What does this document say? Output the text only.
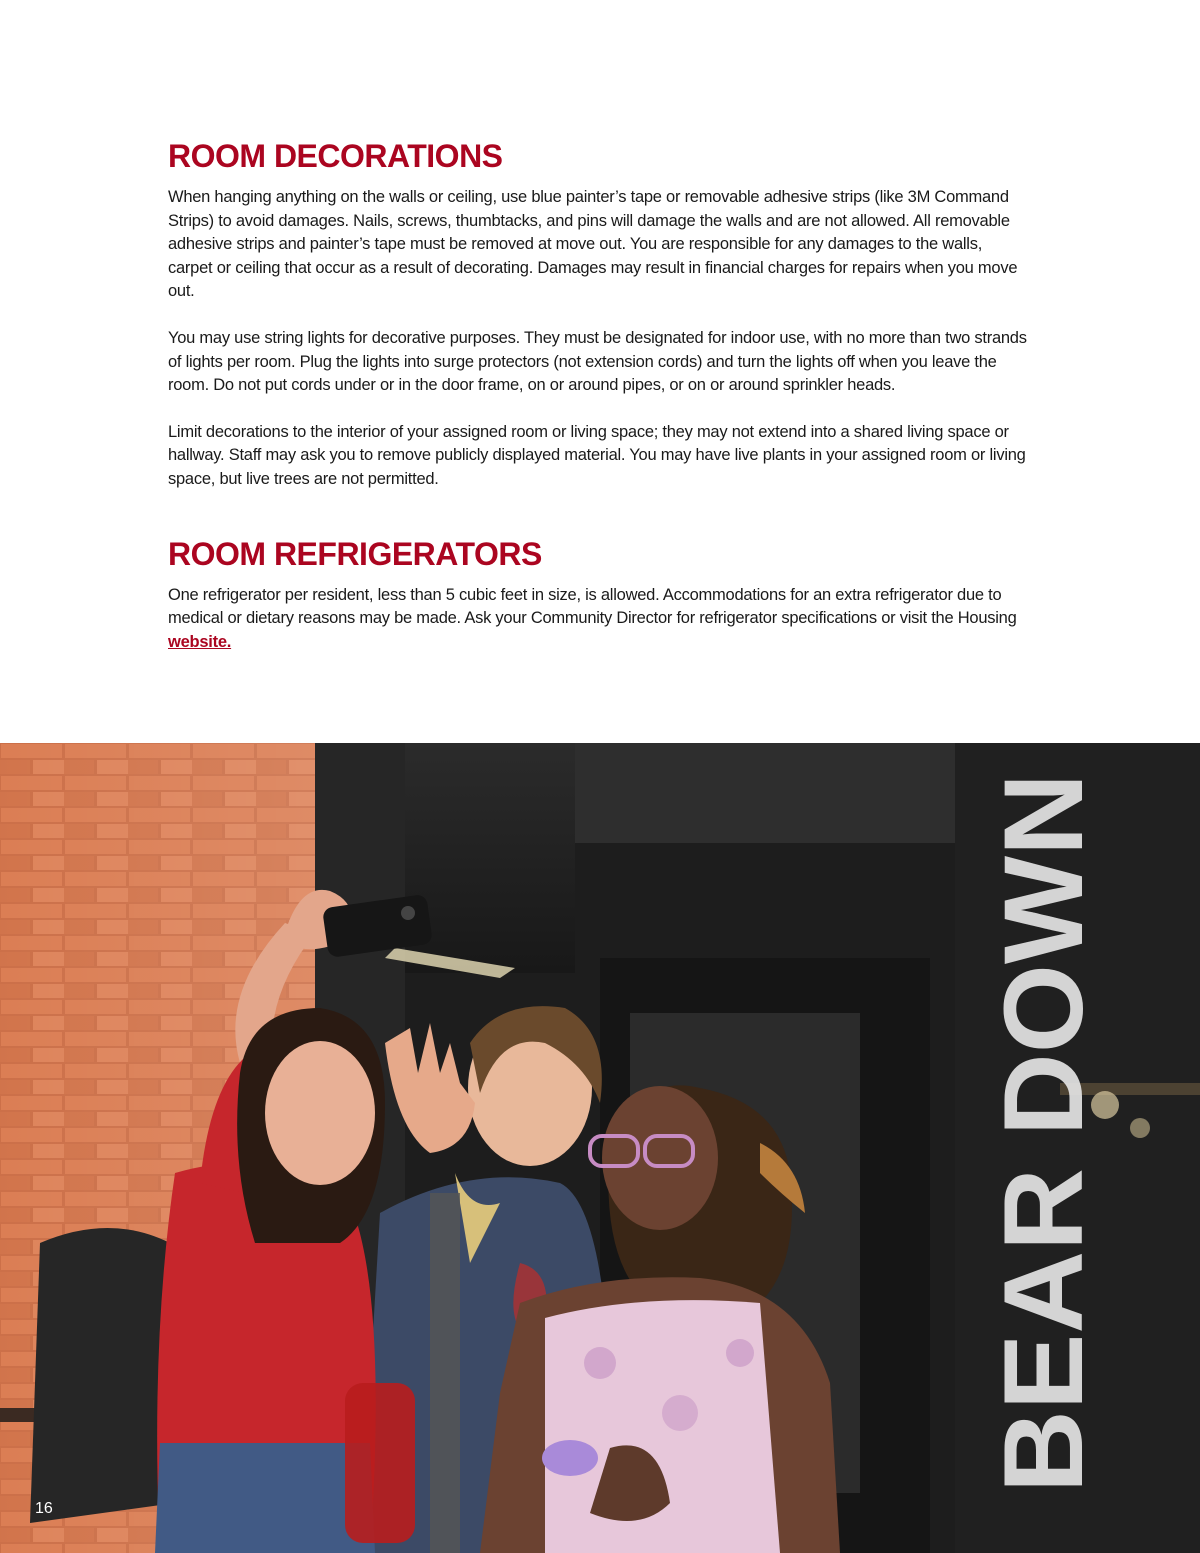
ROOM DECORATIONS

When hanging anything on the walls or ceiling, use blue painter’s tape or removable adhesive strips (like 3M Command Strips) to avoid damages. Nails, screws, thumbtacks, and pins will damage the walls and are not allowed. All removable adhesive strips and painter’s tape must be removed at move out. You are responsible for any damages to the walls, carpet or ceiling that occur as a result of decorating. Damages may result in financial charges for repairs when you move out.

You may use string lights for decorative purposes. They must be designated for indoor use, with no more than two strands of lights per room. Plug the lights into surge protectors (not extension cords) and turn the lights off when you leave the room. Do not put cords under or in the door frame, on or around pipes, or on or around sprinkler heads.

Limit decorations to the interior of your assigned room or living space; they may not extend into a shared living space or hallway. Staff may ask you to remove publicly displayed material. You may have live plants in your assigned room or living space, but live trees are not permitted.

ROOM REFRIGERATORS

One refrigerator per resident, less than 5 cubic feet in size, is allowed. Accommodations for an extra refrigerator due to medical or dietary reasons may be made. Ask your Community Director for refrigerator specifications or visit the Housing website.

BEAR DOWN
16
